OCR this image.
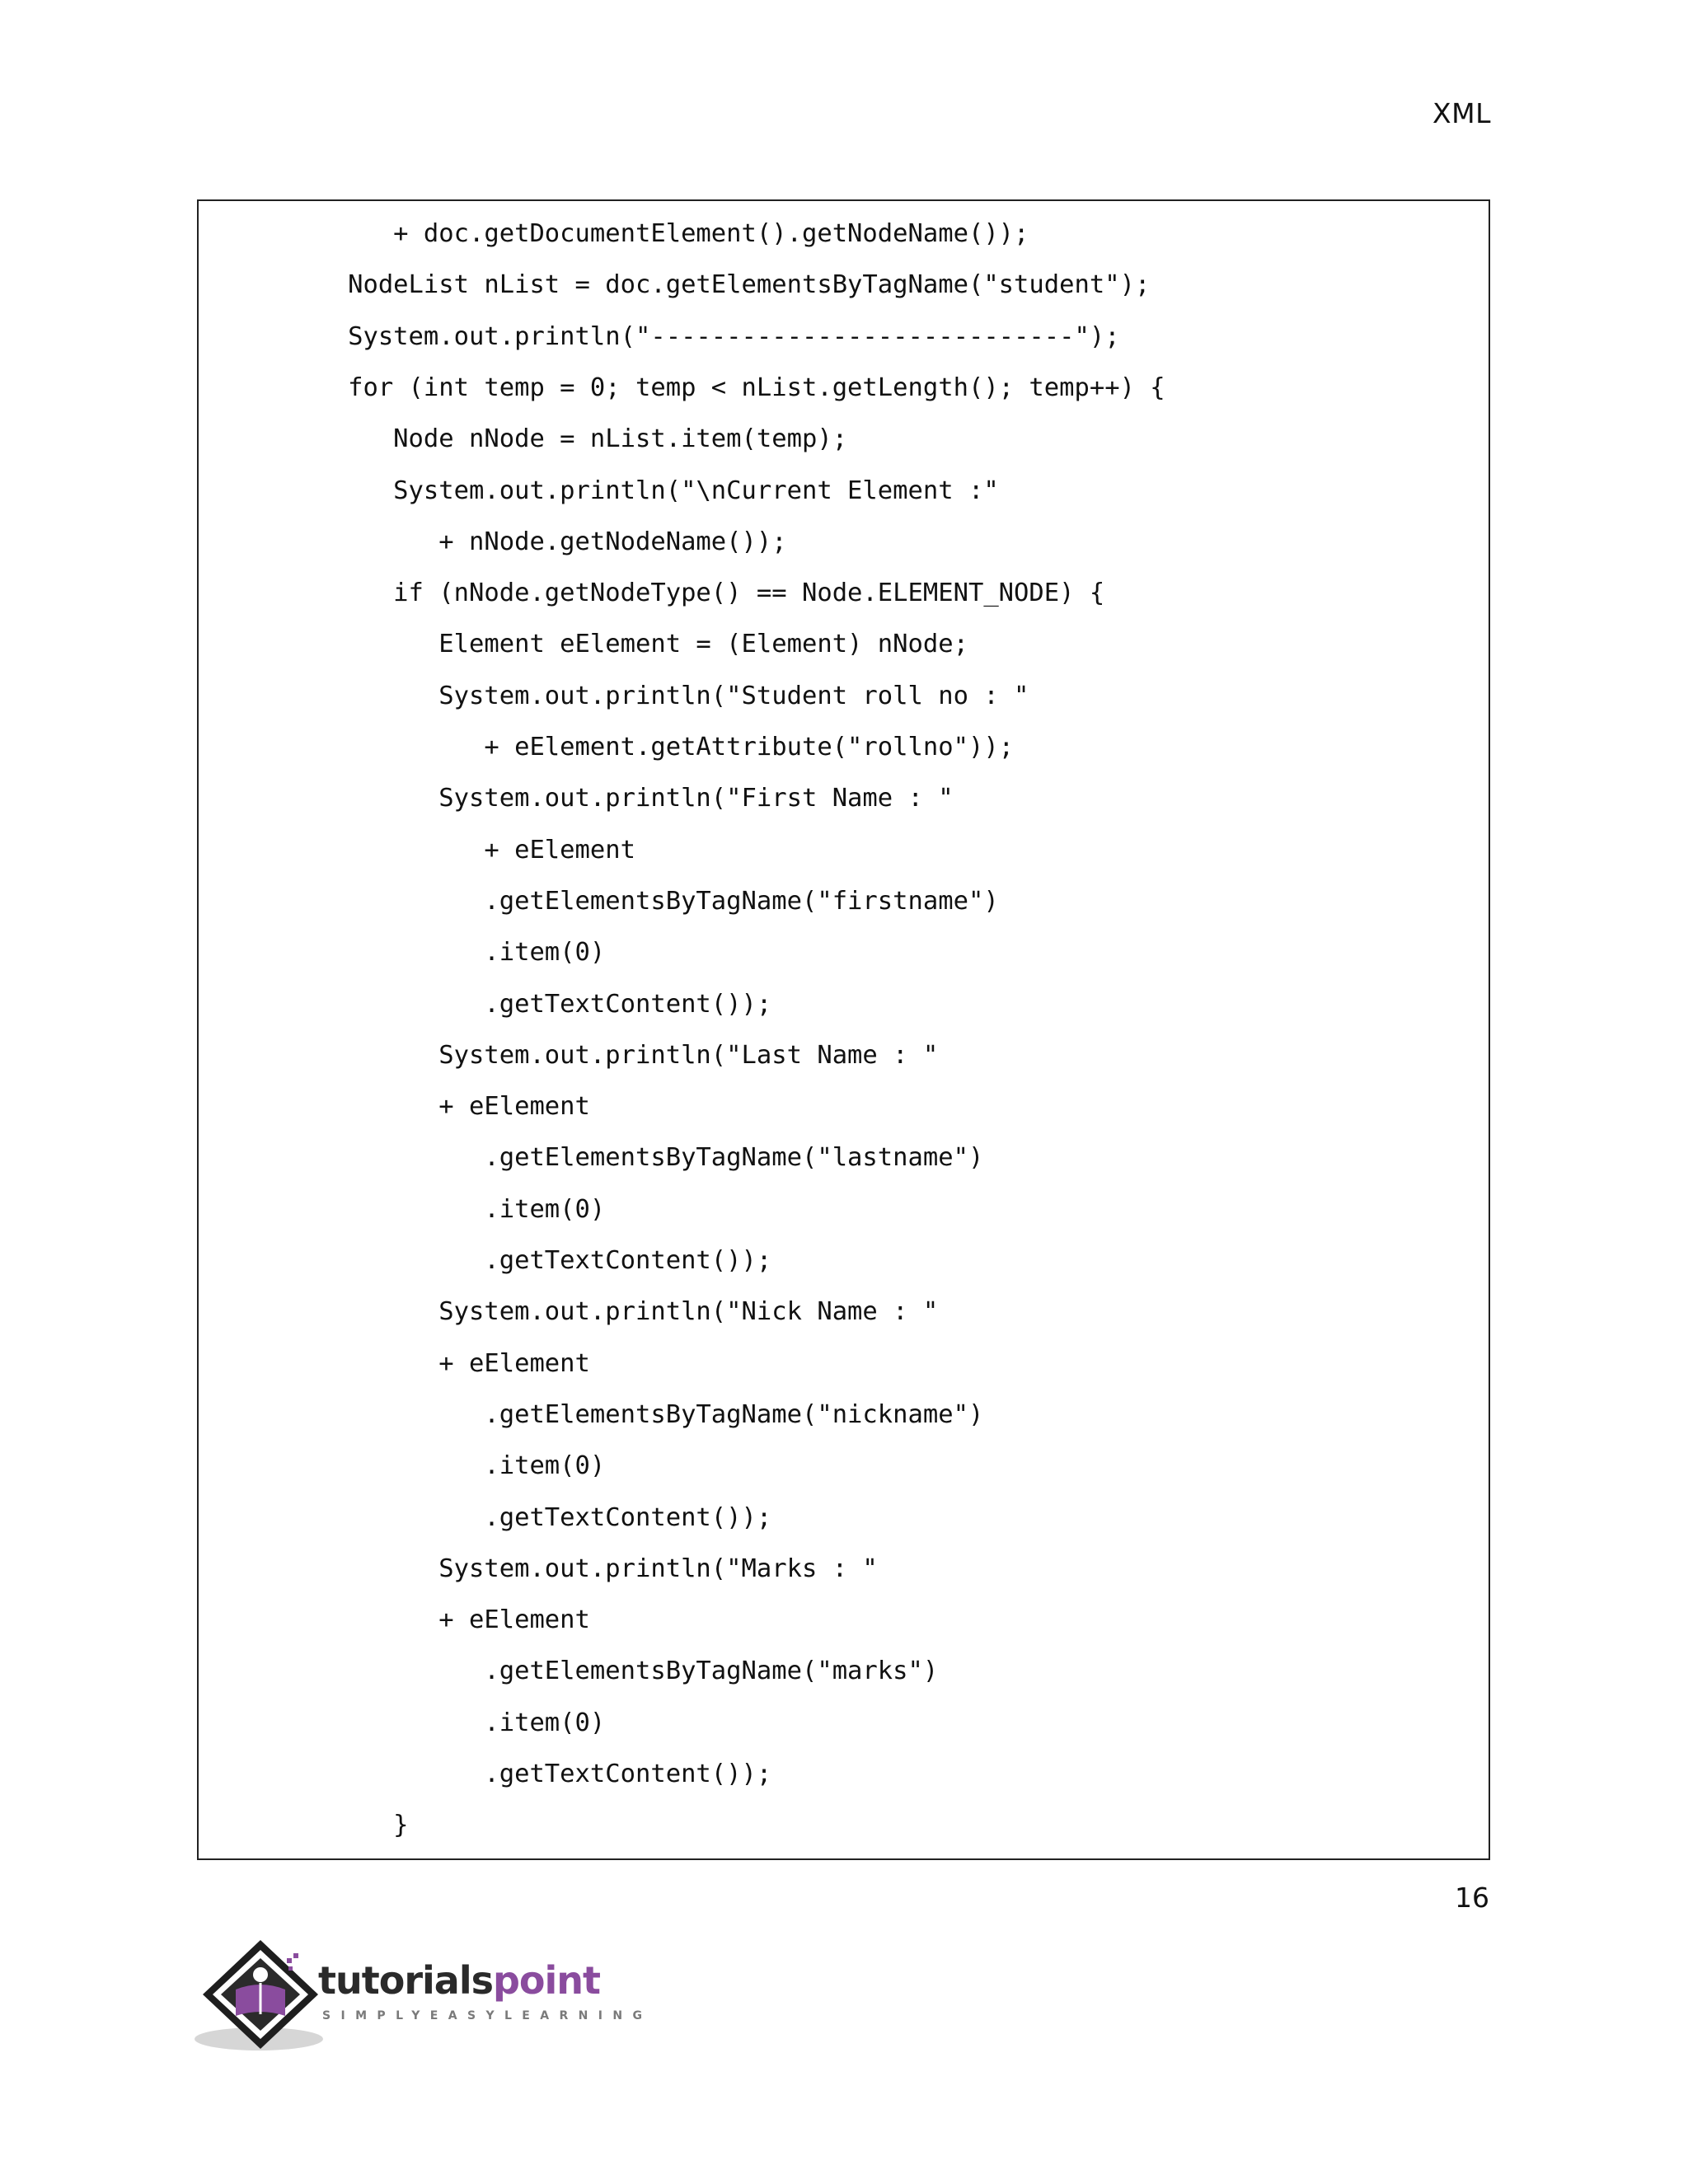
XML
+ doc.getDocumentElement().getNodeName());
NodeList nList = doc.getElementsByTagName("student");
System.out.println("----------------------------");
for (int temp = 0; temp < nList.getLength(); temp++) {
Node nNode = nList.item(temp);
System.out.println("\nCurrent Element :"
+ nNode.getNodeName());
if (nNode.getNodeType() == Node.ELEMENT_NODE) {
Element eElement = (Element) nNode;
System.out.println("Student roll no : "
+ eElement.getAttribute("rollno"));
System.out.println("First Name : "
+ eElement
.getElementsByTagName("firstname")
.item(0)
.getTextContent());
System.out.println("Last Name : "
+ eElement
.getElementsByTagName("lastname")
.item(0)
.getTextContent());
System.out.println("Nick Name : "
+ eElement
.getElementsByTagName("nickname")
.item(0)
.getTextContent());
System.out.println("Marks : "
+ eElement
.getElementsByTagName("marks")
.item(0)
.getTextContent());
}
16
tutorialspoint
SIMPLYEASYLEARNING
